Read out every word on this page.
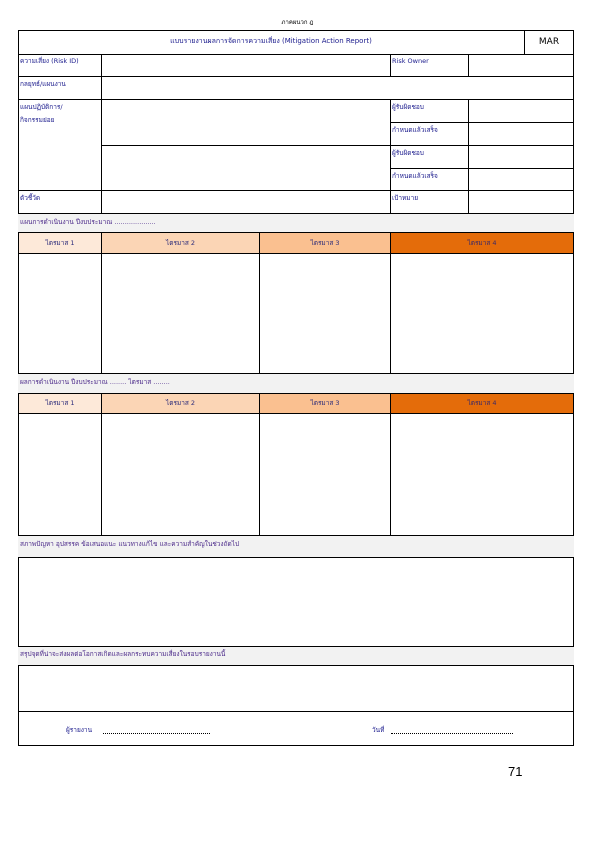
ภาคผนวก ฎ
แบบรายงานผลการจัดการความเสี่ยง (Mitigation Action Report)	MAR
ความเสี่ยง (Risk ID)	Risk Owner
กลยุทธ์/แผนงาน
แผนปฏิบัติการ/
กิจกรรมย่อย
ผู้รับผิดชอบ
กำหนดแล้วเสร็จ
ผู้รับผิดชอบ
กำหนดแล้วเสร็จ
ตัวชี้วัด	เป้าหมาย
แผนการดำเนินงาน ปีงบประมาณ ....................
ไตรมาส 1	ไตรมาส 2	ไตรมาส 3	ไตรมาส 4
ผลการดำเนินงาน ปีงบประมาณ ........ ไตรมาส ........
ไตรมาส 1	ไตรมาส 2	ไตรมาส 3	ไตรมาส 4
สภาพปัญหา อุปสรรค ข้อเสนอแนะ แนวทางแก้ไข และความสำคัญในช่วงถัดไป
สรุปจุดที่น่าจะส่งผลต่อโอกาสเกิดและผลกระทบความเสี่ยงในรอบรายงานนี้
ผู้รายงาน	วันที่
71
